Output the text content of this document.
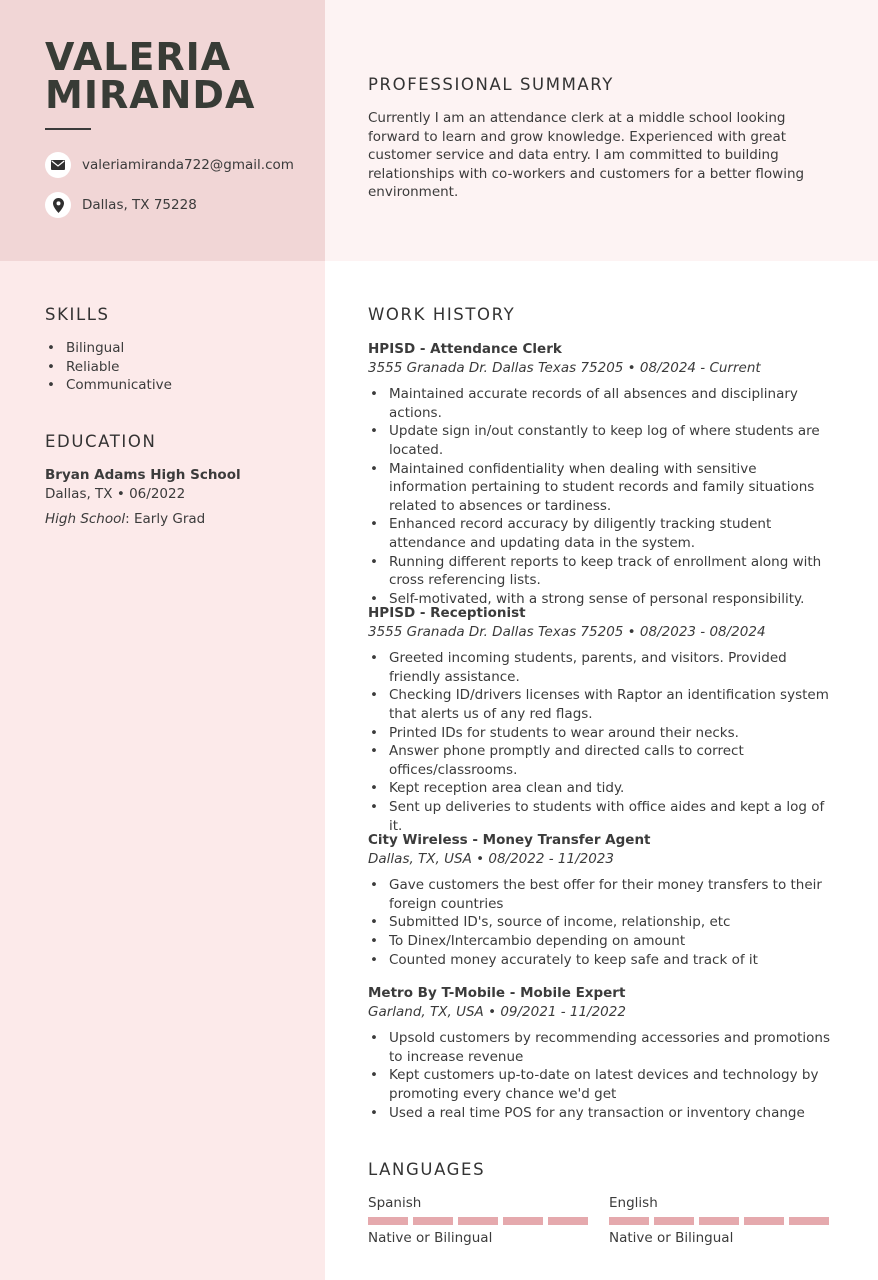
VALERIA
MIRANDA
valeriamiranda722@gmail.com
Dallas, TX 75228
PROFESSIONAL SUMMARY
Currently I am an attendance clerk at a middle school looking forward to learn and grow knowledge. Experienced with great customer service and data entry. I am committed to building relationships with co-workers and customers for a better flowing environment.
SKILLS
• Bilingual
• Reliable
• Communicative
EDUCATION
Bryan Adams High School
Dallas, TX • 06/2022
High School: Early Grad
WORK HISTORY
HPISD - Attendance Clerk
3555 Granada Dr. Dallas Texas 75205 • 08/2024 - Current
• Maintained accurate records of all absences and disciplinary actions.
• Update sign in/out constantly to keep log of where students are located.
• Maintained confidentiality when dealing with sensitive information pertaining to student records and family situations related to absences or tardiness.
• Enhanced record accuracy by diligently tracking student attendance and updating data in the system.
• Running different reports to keep track of enrollment along with cross referencing lists.
• Self-motivated, with a strong sense of personal responsibility.
HPISD - Receptionist
3555 Granada Dr. Dallas Texas 75205 • 08/2023 - 08/2024
• Greeted incoming students, parents, and visitors. Provided friendly assistance.
• Checking ID/drivers licenses with Raptor an identification system that alerts us of any red flags.
• Printed IDs for students to wear around their necks.
• Answer phone promptly and directed calls to correct offices/classrooms.
• Kept reception area clean and tidy.
• Sent up deliveries to students with office aides and kept a log of it.
City Wireless - Money Transfer Agent
Dallas, TX, USA • 08/2022 - 11/2023
• Gave customers the best offer for their money transfers to their foreign countries
• Submitted ID's, source of income, relationship, etc
• To Dinex/Intercambio depending on amount
• Counted money accurately to keep safe and track of it
Metro By T-Mobile - Mobile Expert
Garland, TX, USA • 09/2021 - 11/2022
• Upsold customers by recommending accessories and promotions to increase revenue
• Kept customers up-to-date on latest devices and technology by promoting every chance we'd get
• Used a real time POS for any transaction or inventory change
LANGUAGES
Spanish
Native or Bilingual
English
Native or Bilingual
